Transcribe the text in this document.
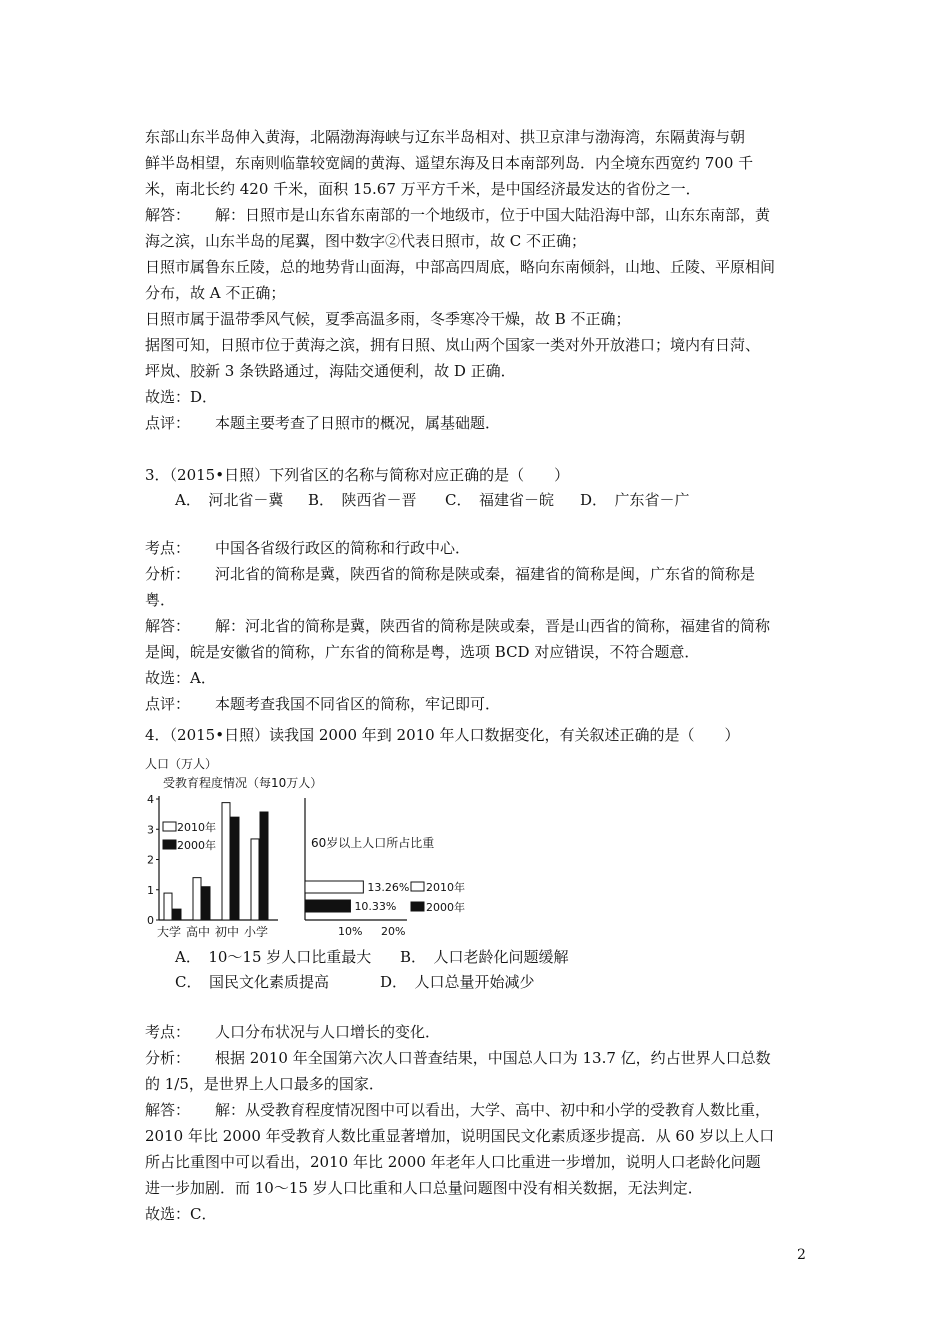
东部山东半岛伸入黄海，北隔渤海海峡与辽东半岛相对、拱卫京津与渤海湾，东隔黄海与朝
鲜半岛相望，东南则临靠较宽阔的黄海、遥望东海及日本南部列岛．内全境东西宽约 700 千
米，南北长约 420 千米，面积 15.67 万平方千米，是中国经济最发达的省份之一．
解答： 解：日照市是山东省东南部的一个地级市，位于中国大陆沿海中部，山东东南部，黄
海之滨，山东半岛的尾翼，图中数字②代表日照市，故 C 不正确；
日照市属鲁东丘陵，总的地势背山面海，中部高四周底，略向东南倾斜，山地、丘陵、平原相间
分布，故 A 不正确；
日照市属于温带季风气候，夏季高温多雨，冬季寒冷干燥，故 B 不正确；
据图可知，日照市位于黄海之滨，拥有日照、岚山两个国家一类对外开放港口；境内有日菏、
坪岚、胶新 3 条铁路通过，海陆交通便利，故 D 正确．
故选：D．
点评： 本题主要考查了日照市的概况，属基础题．
3．（2015•日照）下列省区的名称与简称对应正确的是（　　）
A．　河北省－冀 B．　陕西省－晋 C．　福建省－皖 D．　广东省－广
考点： 中国各省级行政区的简称和行政中心．
分析： 河北省的简称是冀，陕西省的简称是陕或秦，福建省的简称是闽，广东省的简称是
粤．
解答： 解：河北省的简称是冀，陕西省的简称是陕或秦，晋是山西省的简称，福建省的简称
是闽，皖是安徽省的简称，广东省的简称是粤，选项 BCD 对应错误，不符合题意．
故选：A．
点评： 本题考查我国不同省区的简称，牢记即可．
4．（2015•日照）读我国 2000 年到 2010 年人口数据变化，有关叙述正确的是（　　）
人口（万人）
受教育程度情况（每10万人）
0
1
2
3
4
大学 高中 初中 小学
2010年
2000年	60岁以上人口所占比重
13.26%
10.33%
10% 20%
2010年
2000年
A．　10～15 岁人口比重最大 B．　人口老龄化问题缓解
C．　国民文化素质提高	D．　人口总量开始减少
考点： 人口分布状况与人口增长的变化．
分析： 根据 2010 年全国第六次人口普查结果，中国总人口为 13.7 亿，约占世界人口总数
的 1/5，是世界上人口最多的国家．
解答： 解：从受教育程度情况图中可以看出，大学、高中、初中和小学的受教育人数比重，
2010 年比 2000 年受教育人数比重显著增加，说明国民文化素质逐步提高．从 60 岁以上人口
所占比重图中可以看出，2010 年比 2000 年老年人口比重进一步增加，说明人口老龄化问题
进一步加剧．而 10～15 岁人口比重和人口总量问题图中没有相关数据，无法判定．
故选：C．
2
